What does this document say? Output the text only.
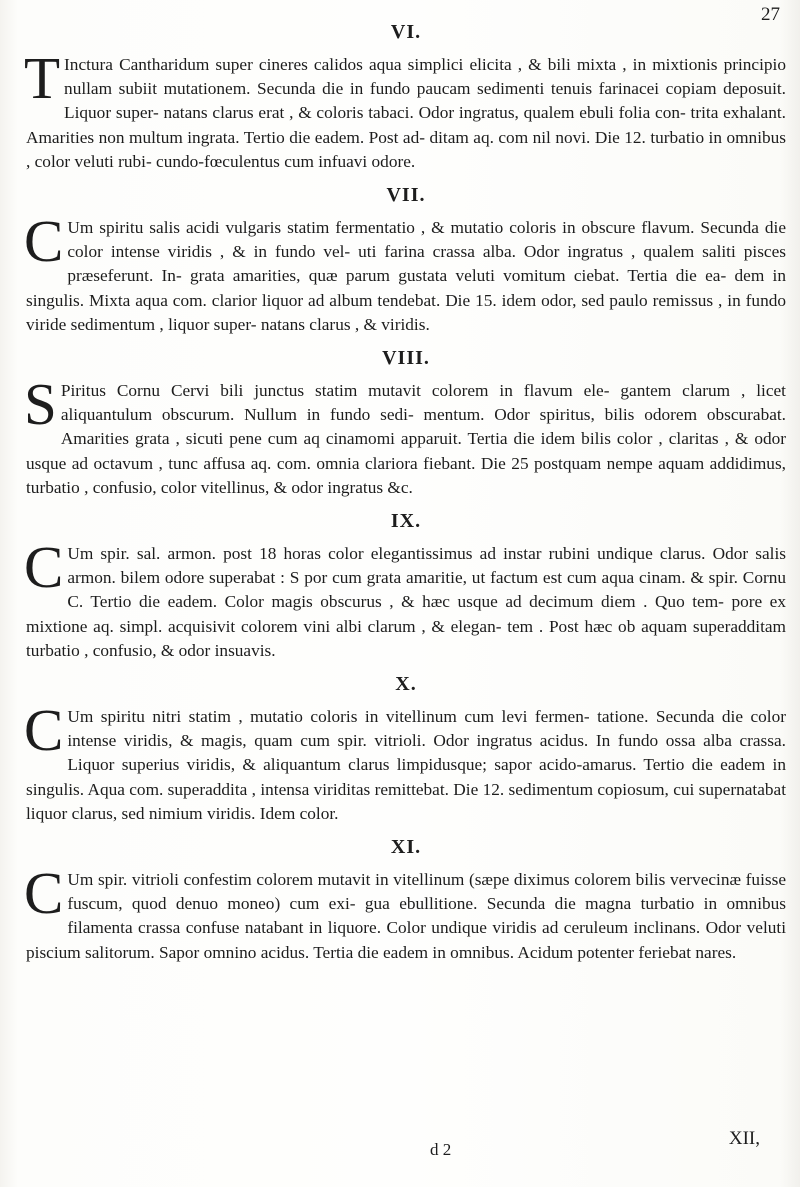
27
VI.
T Inctura Cantharidum super cineres calidos aqua simplici elicita , & bili mixta , in mixtionis principio nullam subiit mutationem. Secunda die in fundo paucam sedimenti tenuis farinacei copiam deposuit. Liquor super- natans clarus erat , & coloris tabaci. Odor ingratus, qualem ebuli folia con- trita exhalant. Amarities non multum ingrata. Tertio die eadem. Post ad- ditam aq. com nil novi. Die 12. turbatio in omnibus , color veluti rubi- cundo-fœculentus cum infuavi odore.

VII.
C Um spiritu salis acidi vulgaris statim fermentatio , & mutatio coloris in obscure flavum. Secunda die color intense viridis , & in fundo vel- uti farina crassa alba. Odor ingratus , qualem saliti pisces præseferunt. In- grata amarities, quæ parum gustata veluti vomitum ciebat. Tertia die ea- dem in singulis. Mixta aqua com. clarior liquor ad album tendebat. Die 15. idem odor, sed paulo remissus , in fundo viride sedimentum , liquor super- natans clarus , & viridis.

VIII.
S Piritus Cornu Cervi bili junctus statim mutavit colorem in flavum ele- gantem clarum , licet aliquantulum obscurum. Nullum in fundo sedi- mentum. Odor spiritus, bilis odorem obscurabat. Amarities grata , sicuti pene cum aq cinamomi apparuit. Tertia die idem bilis color , claritas , & odor usque ad octavum , tunc affusa aq. com. omnia clariora fiebant. Die 25 postquam nempe aquam addidimus, turbatio , confusio, color vitellinus, & odor ingratus &c.

IX.
C Um spir. sal. armon. post 18 horas color elegantissimus ad instar rubini undique clarus. Odor salis armon. bilem odore superabat : S por cum grata amaritie, ut factum est cum aqua cinam. & spir. Cornu C. Tertio die eadem. Color magis obscurus , & hæc usque ad decimum diem . Quo tem- pore ex mixtione aq. simpl. acquisivit colorem vini albi clarum , & elegan- tem . Post hæc ob aquam superadditam turbatio , confusio, & odor insuavis.

X.
C Um spiritu nitri statim , mutatio coloris in vitellinum cum levi fermen- tatione. Secunda die color intense viridis, & magis, quam cum spir. vitrioli. Odor ingratus acidus. In fundo ossa alba crassa. Liquor superius viridis, & aliquantum clarus limpidusque; sapor acido-amarus. Tertio die eadem in singulis. Aqua com. superaddita , intensa viriditas remittebat. Die 12. sedimentum copiosum, cui supernatabat liquor clarus, sed nimium viridis. Idem color.

XI.
C Um spir. vitrioli confestim colorem mutavit in vitellinum (sæpe diximus colorem bilis vervecinæ fuisse fuscum, quod denuo moneo) cum exi- gua ebullitione. Secunda die magna turbatio in omnibus filamenta crassa confuse natabant in liquore. Color undique viridis ad ceruleum inclinans. Odor veluti piscium salitorum. Sapor omnino acidus. Tertia die eadem in omnibus. Acidum potenter feriebat nares.

d 2
XII,
